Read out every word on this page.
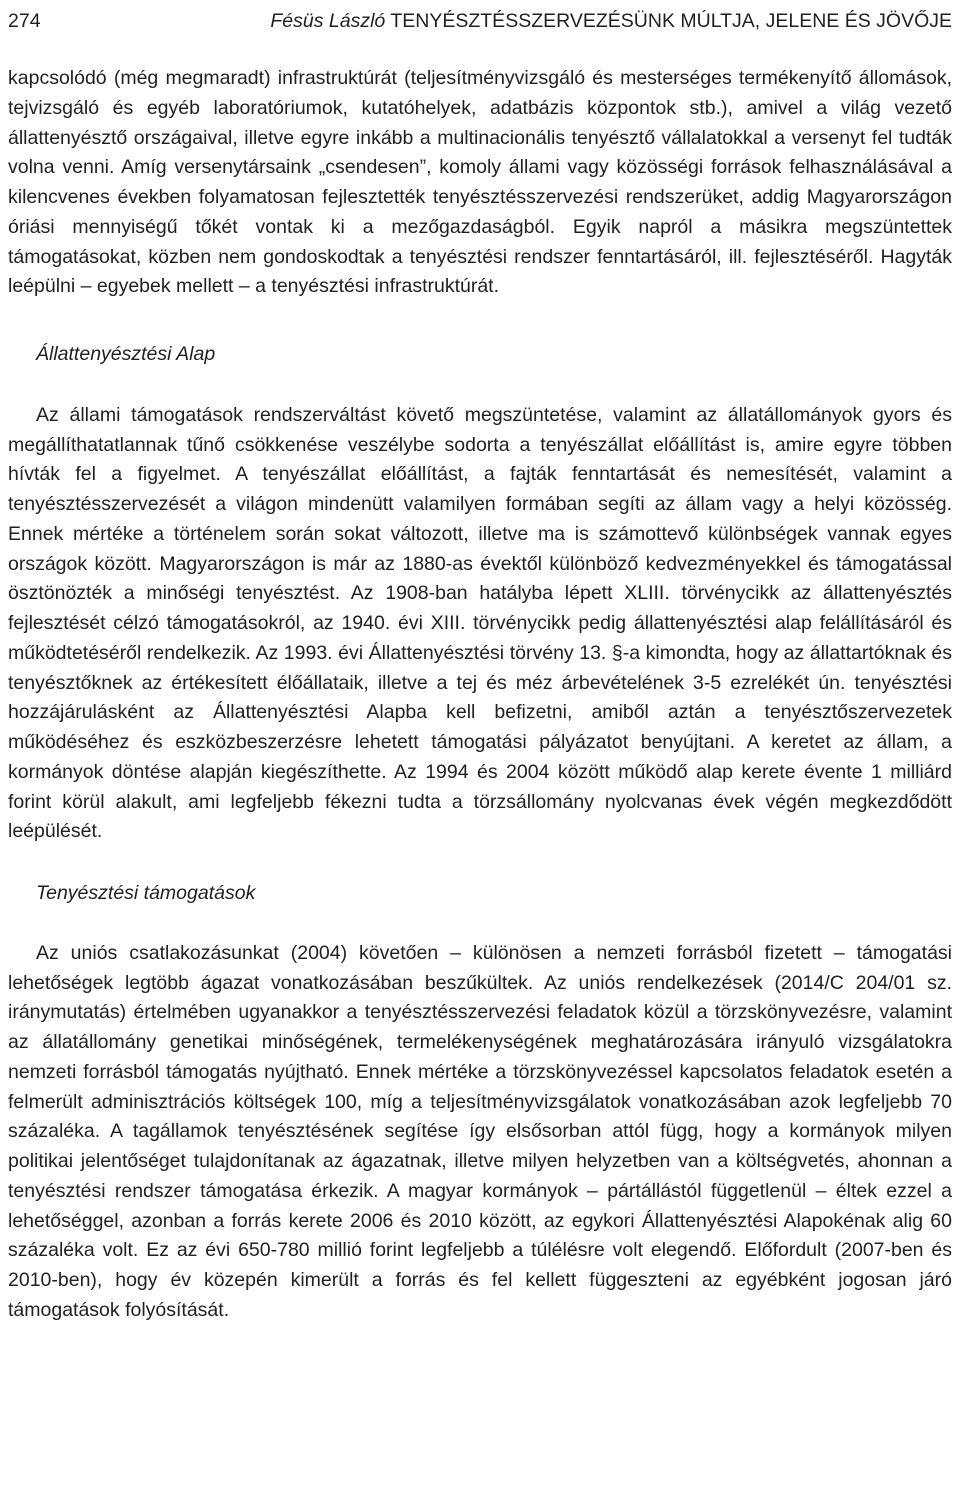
274	Fésüs László TENYÉSZTÉSSZERVEZÉSÜNK MÚLTJA, JELENE ÉS JÖVŐJE

kapcsolódó (még megmaradt) infrastruktúrát (teljesítményvizsgáló és mesterséges termékenyítő állomások, tejvizsgáló és egyéb laboratóriumok, kutatóhelyek, adatbázis központok stb.), amivel a világ vezető állattenyésztő országaival, illetve egyre inkább a multinacionális tenyésztő vállalatokkal a versenyt fel tudták volna venni. Amíg versenytársaink „csendesen”, komoly állami vagy közösségi források felhasználásával a kilencvenes években folyamatosan fejlesztették tenyésztésszervezési rendszerüket, addig Magyarországon óriási mennyiségű tőkét vontak ki a mezőgazdaságból. Egyik napról a másikra megszüntettek támogatásokat, közben nem gondoskodtak a tenyésztési rendszer fenntartásáról, ill. fejlesztéséről. Hagyták leépülni – egyebek mellett – a tenyésztési infrastruktúrát.

Állattenyésztési Alap

Az állami támogatások rendszerváltást követő megszüntetése, valamint az állatállományok gyors és megállíthatatlannak tűnő csökkenése veszélybe sodorta a tenyészállat előállítást is, amire egyre többen hívták fel a figyelmet. A tenyészállat előállítást, a fajták fenntartását és nemesítését, valamint a tenyésztésszervezését a világon mindenütt valamilyen formában segíti az állam vagy a helyi közösség. Ennek mértéke a történelem során sokat változott, illetve ma is számottevő különbségek vannak egyes országok között. Magyarországon is már az 1880-as évektől különböző kedvezményekkel és támogatással ösztönözték a minőségi tenyésztést. Az 1908-ban hatályba lépett XLIII. törvénycikk az állattenyésztés fejlesztését célzó támogatásokról, az 1940. évi XIII. törvénycikk pedig állattenyésztési alap felállításáról és működtetéséről rendelkezik. Az 1993. évi Állattenyésztési törvény 13. §-a kimondta, hogy az állattartóknak és tenyésztőknek az értékesített élőállataik, illetve a tej és méz árbevételének 3-5 ezrelékét ún. tenyésztési hozzájárulásként az Állattenyésztési Alapba kell befizetni, amiből aztán a tenyésztőszervezetek működéséhez és eszközbeszerzésre lehetett támogatási pályázatot benyújtani. A keretet az állam, a kormányok döntése alapján kiegészíthette. Az 1994 és 2004 között működő alap kerete évente 1 milliárd forint körül alakult, ami legfeljebb fékezni tudta a törzsállomány nyolcvanas évek végén megkezdődött leépülését.

Tenyésztési támogatások

Az uniós csatlakozásunkat (2004) követően – különösen a nemzeti forrásból fizetett – támogatási lehetőségek legtöbb ágazat vonatkozásában beszűkültek. Az uniós rendelkezések (2014/C 204/01 sz. iránymutatás) értelmében ugyanakkor a tenyésztésszervezési feladatok közül a törzskönyvezésre, valamint az állatállomány genetikai minőségének, termelékenységének meghatározására irányuló vizsgálatokra nemzeti forrásból támogatás nyújtható. Ennek mértéke a törzskönyvezéssel kapcsolatos feladatok esetén a felmerült adminisztrációs költségek 100, míg a teljesítményvizsgálatok vonatkozásában azok legfeljebb 70 százaléka. A tagállamok tenyésztésének segítése így elsősorban attól függ, hogy a kormányok milyen politikai jelentőséget tulajdonítanak az ágazatnak, illetve milyen helyzetben van a költségvetés, ahonnan a tenyésztési rendszer támogatása érkezik. A magyar kormányok – pártállástól függetlenül – éltek ezzel a lehetőséggel, azonban a forrás kerete 2006 és 2010 között, az egykori Állattenyésztési Alapokénak alig 60 százaléka volt. Ez az évi 650-780 millió forint legfeljebb a túlélésre volt elegendő. Előfordult (2007-ben és 2010-ben), hogy év közepén kimerült a forrás és fel kellett függeszteni az egyébként jogosan járó támogatások folyósítását.
